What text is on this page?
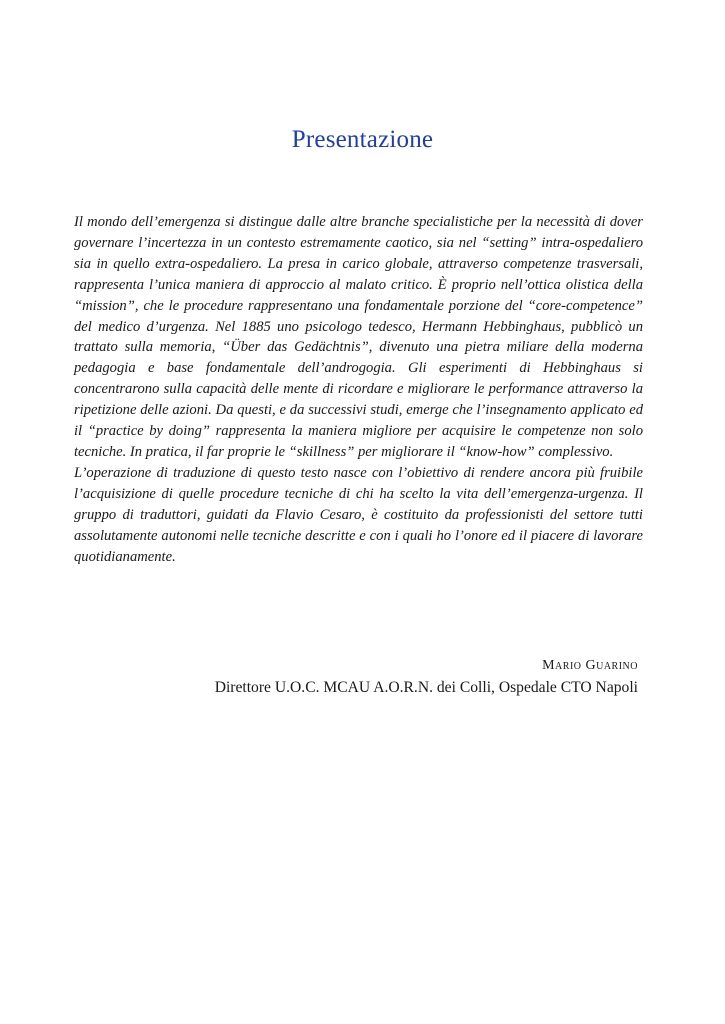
Presentazione

Il mondo dell’emergenza si distingue dalle altre branche specialistiche per la necessità di dover governare l’incertezza in un contesto estremamente caotico, sia nel “setting” intra-ospedaliero sia in quello extra-ospedaliero. La presa in carico globale, attraverso competenze trasversali, rappresenta l’unica maniera di approccio al malato critico. È proprio nell’ottica olistica della “mission”, che le procedure rappresentano una fondamentale porzione del “core-competence” del medico d’urgenza. Nel 1885 uno psicologo tedesco, Hermann Hebbinghaus, pubblicò un trattato sulla memoria, “Über das Gedächtnis”, divenuto una pietra miliare della moderna pedagogia e base fondamentale dell’androgogia. Gli esperimenti di Hebbinghaus si concentrarono sulla capacità delle mente di ricordare e migliorare le performance attraverso la ripetizione delle azioni. Da questi, e da successivi studi, emerge che l’insegnamento applicato ed il “practice by doing” rappresenta la maniera migliore per acquisire le competenze non solo tecniche. In pratica, il far proprie le “skillness” per migliorare il “know-how” complessivo.

L’operazione di traduzione di questo testo nasce con l’obiettivo di rendere ancora più fruibile l’acquisizione di quelle procedure tecniche di chi ha scelto la vita dell’emergenza-urgenza. Il gruppo di traduttori, guidati da Flavio Cesaro, è costituito da professionisti del settore tutti assolutamente autonomi nelle tecniche descritte e con i quali ho l’onore ed il piacere di lavorare quotidianamente.

Mario Guarino
Direttore U.O.C. MCAU A.O.R.N. dei Colli, Ospedale CTO Napoli
